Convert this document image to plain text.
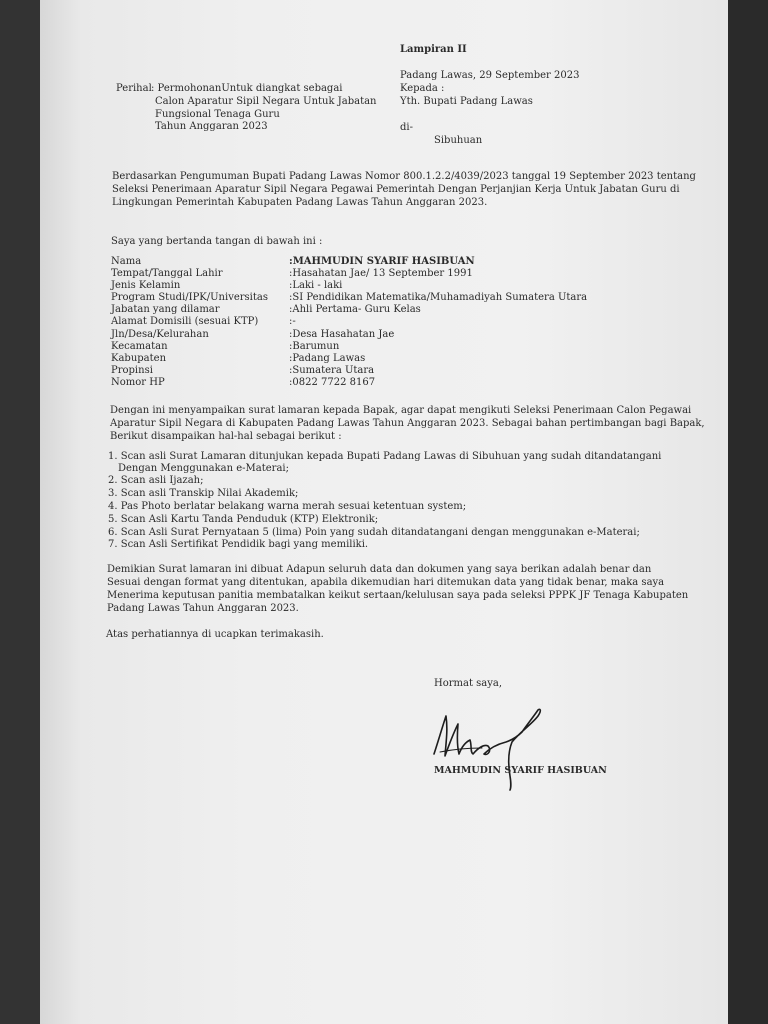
Lampiran II
Padang Lawas, 29 September 2023
Kepada :
Yth. Bupati Padang Lawas
di-
Sibuhuan
Perihal : PermohonanUntuk diangkat sebagai
Calon Aparatur Sipil Negara Untuk Jabatan
Fungsional Tenaga Guru
Tahun Anggaran 2023
Berdasarkan Pengumuman Bupati Padang Lawas Nomor 800.1.2.2/4039/2023 tanggal 19 September 2023 tentang
Seleksi Penerimaan Aparatur Sipil Negara Pegawai Pemerintah Dengan Perjanjian Kerja Untuk Jabatan Guru di
Lingkungan Pemerintah Kabupaten Padang Lawas Tahun Anggaran 2023.
Saya yang bertanda tangan di bawah ini :
Nama	:MAHMUDIN SYARIF HASIBUAN
Tempat/Tanggal Lahir	:Hasahatan Jae/ 13 September 1991
Jenis Kelamin	:Laki - laki
Program Studi/IPK/Universitas :SI Pendidikan Matematika/Muhamadiyah Sumatera Utara
Jabatan yang dilamar	:Ahli Pertama- Guru Kelas
Alamat Domisili (sesuai KTP)	:-
Jln/Desa/Kelurahan	:Desa Hasahatan Jae
Kecamatan	:Barumun
Kabupaten	:Padang Lawas
Propinsi	:Sumatera Utara
Nomor HP	:0822 7722 8167
Dengan ini menyampaikan surat lamaran kepada Bapak, agar dapat mengikuti Seleksi Penerimaan Calon Pegawai
Aparatur Sipil Negara di Kabupaten Padang Lawas Tahun Anggaran 2023. Sebagai bahan pertimbangan bagi Bapak,
Berikut disampaikan hal-hal sebagai berikut :
1. Scan asli Surat Lamaran ditunjukan kepada Bupati Padang Lawas di Sibuhuan yang sudah ditandatangani
Dengan Menggunakan e-Materai;
2. Scan asli Ijazah;
3. Scan asli Transkip Nilai Akademik;
4. Pas Photo berlatar belakang warna merah sesuai ketentuan system;
5. Scan Asli Kartu Tanda Penduduk (KTP) Elektronik;
6. Scan Asli Surat Pernyataan 5 (lima) Poin yang sudah ditandatangani dengan menggunakan e-Materai;
7. Scan Asli Sertifikat Pendidik bagi yang memiliki.
Demikian Surat lamaran ini dibuat Adapun seluruh data dan dokumen yang saya berikan adalah benar dan
Sesuai dengan format yang ditentukan, apabila dikemudian hari ditemukan data yang tidak benar, maka saya
Menerima keputusan panitia membatalkan keikut sertaan/kelulusan saya pada seleksi PPPK JF Tenaga Kabupaten
Padang Lawas Tahun Anggaran 2023.
Atas perhatiannya di ucapkan terimakasih.
Hormat saya,
MAHMUDIN SYARIF HASIBUAN
